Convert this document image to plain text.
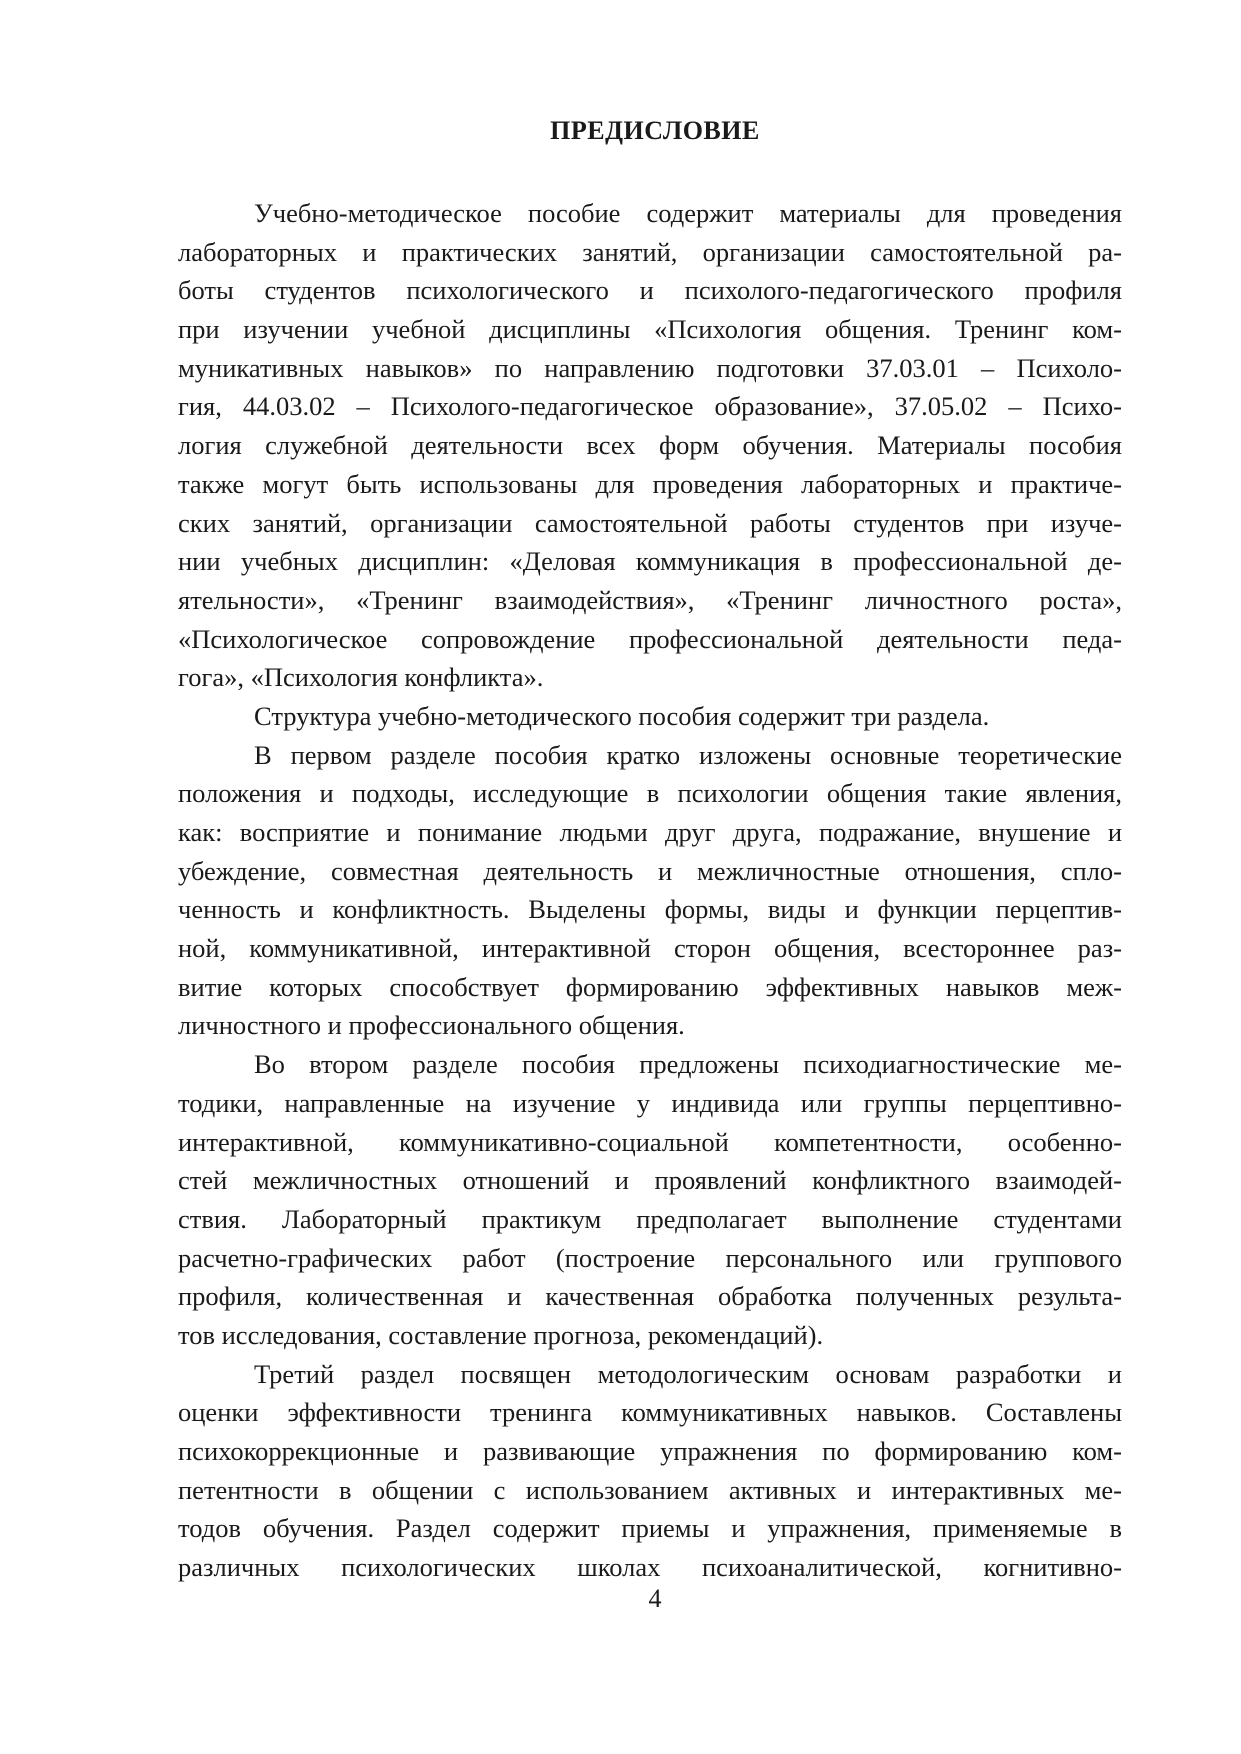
ПРЕДИСЛОВИЕ
Учебно-методическое пособие содержит материалы для проведения
лабораторных и практических занятий, организации самостоятельной ра-
боты студентов психологического и психолого-педагогического профиля
при изучении учебной дисциплины «Психология общения. Тренинг ком-
муникативных навыков» по направлению подготовки 37.03.01 – Психоло-
гия, 44.03.02 – Психолого-педагогическое образование», 37.05.02 – Психо-
логия служебной деятельности всех форм обучения. Материалы пособия
также могут быть использованы для проведения лабораторных и практиче-
ских занятий, организации самостоятельной работы студентов при изуче-
нии учебных дисциплин: «Деловая коммуникация в профессиональной де-
ятельности», «Тренинг взаимодействия», «Тренинг личностного роста»,
«Психологическое сопровождение профессиональной деятельности педа-
гога», «Психология конфликта».
Структура учебно-методического пособия содержит три раздела.
В первом разделе пособия кратко изложены основные теоретические
положения и подходы, исследующие в психологии общения такие явления,
как: восприятие и понимание людьми друг друга, подражание, внушение и
убеждение, совместная деятельность и межличностные отношения, спло-
ченность и конфликтность. Выделены формы, виды и функции перцептив-
ной, коммуникативной, интерактивной сторон общения, всестороннее раз-
витие которых способствует формированию эффективных навыков меж-
личностного и профессионального общения.
Во втором разделе пособия предложены психодиагностические ме-
тодики, направленные на изучение у индивида или группы перцептивно-
интерактивной, коммуникативно-социальной компетентности, особенно-
стей межличностных отношений и проявлений конфликтного взаимодей-
ствия. Лабораторный практикум предполагает выполнение студентами
расчетно-графических работ (построение персонального или группового
профиля, количественная и качественная обработка полученных результа-
тов исследования, составление прогноза, рекомендаций).
Третий раздел посвящен методологическим основам разработки и
оценки эффективности тренинга коммуникативных навыков. Составлены
психокоррекционные и развивающие упражнения по формированию ком-
петентности в общении с использованием активных и интерактивных ме-
тодов обучения. Раздел содержит приемы и упражнения, применяемые в
различных психологических школах психоаналитической, когнитивно-
4
